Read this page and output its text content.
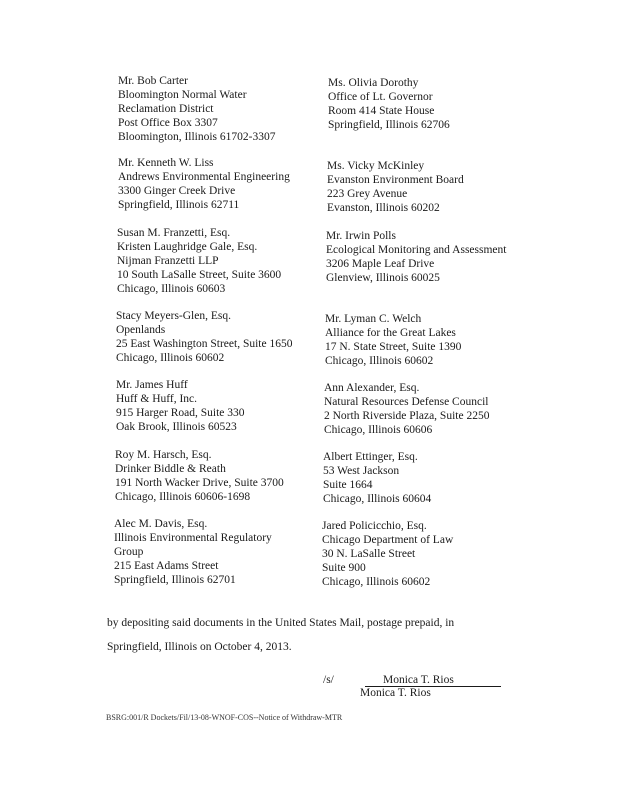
Mr. Bob Carter
Bloomington Normal Water
Reclamation District
Post Office Box 3307
Bloomington, Illinois 61702-3307
Mr. Kenneth W. Liss
Andrews Environmental Engineering
3300 Ginger Creek Drive
Springfield, Illinois 62711
Susan M. Franzetti, Esq.
Kristen Laughridge Gale, Esq.
Nijman Franzetti LLP
10 South LaSalle Street, Suite 3600
Chicago, Illinois 60603
Stacy Meyers-Glen, Esq.
Openlands
25 East Washington Street, Suite 1650
Chicago, Illinois 60602
Mr. James Huff
Huff & Huff, Inc.
915 Harger Road, Suite 330
Oak Brook, Illinois 60523
Roy M. Harsch, Esq.
Drinker Biddle & Reath
191 North Wacker Drive, Suite 3700
Chicago, Illinois 60606-1698
Alec M. Davis, Esq.
Illinois Environmental Regulatory
Group
215 East Adams Street
Springfield, Illinois 62701
Ms. Olivia Dorothy
Office of Lt. Governor
Room 414 State House
Springfield, Illinois 62706
Ms. Vicky McKinley
Evanston Environment Board
223 Grey Avenue
Evanston, Illinois 60202
Mr. Irwin Polls
Ecological Monitoring and Assessment
3206 Maple Leaf Drive
Glenview, Illinois 60025
Mr. Lyman C. Welch
Alliance for the Great Lakes
17 N. State Street, Suite 1390
Chicago, Illinois 60602
Ann Alexander, Esq.
Natural Resources Defense Council
2 North Riverside Plaza, Suite 2250
Chicago, Illinois 60606
Albert Ettinger, Esq.
53 West Jackson
Suite 1664
Chicago, Illinois 60604
Jared Policicchio, Esq.
Chicago Department of Law
30 N. LaSalle Street
Suite 900
Chicago, Illinois 60602
by depositing said documents in the United States Mail, postage prepaid, in
Springfield, Illinois on October 4, 2013.
/s/	Monica T. Rios
Monica T. Rios
BSRG:001/R Dockets/Fil/13-08-WNOF-COS--Notice of Withdraw-MTR
